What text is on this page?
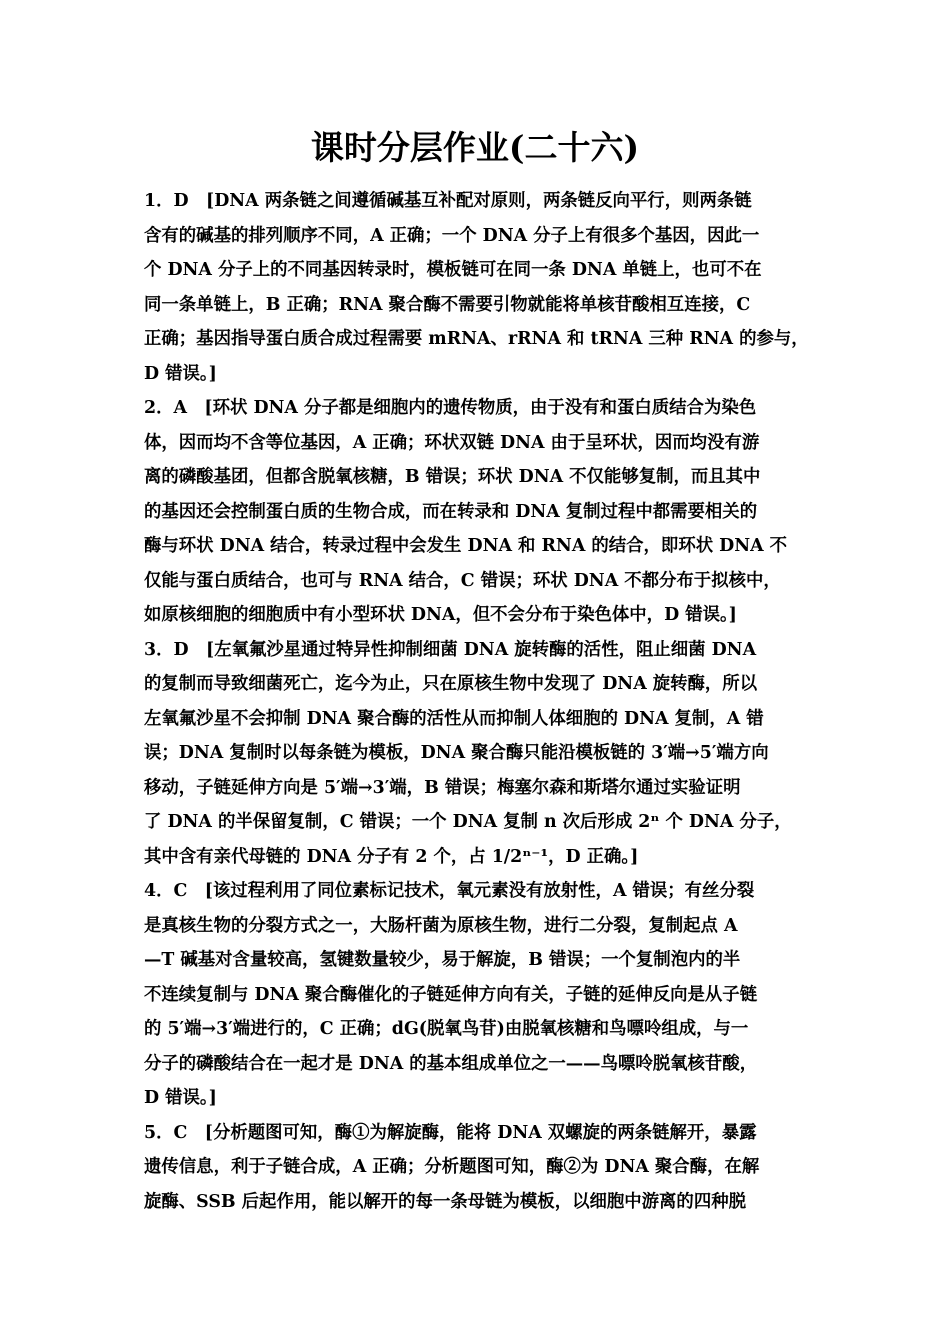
课时分层作业(二十六)

1．D　[DNA 两条链之间遵循碱基互补配对原则，两条链反向平行，则两条链
含有的碱基的排列顺序不同，A 正确；一个 DNA 分子上有很多个基因，因此一
个 DNA 分子上的不同基因转录时，模板链可在同一条 DNA 单链上，也可不在
同一条单链上，B 正确；RNA 聚合酶不需要引物就能将单核苷酸相互连接，C
正确；基因指导蛋白质合成过程需要 mRNA、rRNA 和 tRNA 三种 RNA 的参与，
D 错误。]

2．A　[环状 DNA 分子都是细胞内的遗传物质，由于没有和蛋白质结合为染色
体，因而均不含等位基因，A 正确；环状双链 DNA 由于呈环状，因而均没有游
离的磷酸基团，但都含脱氧核糖，B 错误；环状 DNA 不仅能够复制，而且其中
的基因还会控制蛋白质的生物合成，而在转录和 DNA 复制过程中都需要相关的
酶与环状 DNA 结合，转录过程中会发生 DNA 和 RNA 的结合，即环状 DNA 不
仅能与蛋白质结合，也可与 RNA 结合，C 错误；环状 DNA 不都分布于拟核中，
如原核细胞的细胞质中有小型环状 DNA，但不会分布于染色体中，D 错误。]

3．D　[左氧氟沙星通过特异性抑制细菌 DNA 旋转酶的活性，阻止细菌 DNA
的复制而导致细菌死亡，迄今为止，只在原核生物中发现了 DNA 旋转酶，所以
左氧氟沙星不会抑制 DNA 聚合酶的活性从而抑制人体细胞的 DNA 复制，A 错
误；DNA 复制时以每条链为模板，DNA 聚合酶只能沿模板链的 3′端→5′端方向
移动，子链延伸方向是 5′端→3′端，B 错误；梅塞尔森和斯塔尔通过实验证明
了 DNA 的半保留复制，C 错误；一个 DNA 复制 n 次后形成 2ⁿ 个 DNA 分子，
其中含有亲代母链的 DNA 分子有 2 个，占 1/2ⁿ⁻¹，D 正确。]

4．C　[该过程利用了同位素标记技术，氧元素没有放射性，A 错误；有丝分裂
是真核生物的分裂方式之一，大肠杆菌为原核生物，进行二分裂，复制起点 A
—T 碱基对含量较高，氢键数量较少，易于解旋，B 错误；一个复制泡内的半
不连续复制与 DNA 聚合酶催化的子链延伸方向有关，子链的延伸反向是从子链
的 5′端→3′端进行的，C 正确；dG(脱氧鸟苷)由脱氧核糖和鸟嘌呤组成，与一
分子的磷酸结合在一起才是 DNA 的基本组成单位之一——鸟嘌呤脱氧核苷酸，
D 错误。]

5．C　[分析题图可知，酶①为解旋酶，能将 DNA 双螺旋的两条链解开，暴露
遗传信息，利于子链合成，A 正确；分析题图可知，酶②为 DNA 聚合酶，在解
旋酶、SSB 后起作用，能以解开的每一条母链为模板，以细胞中游离的四种脱
